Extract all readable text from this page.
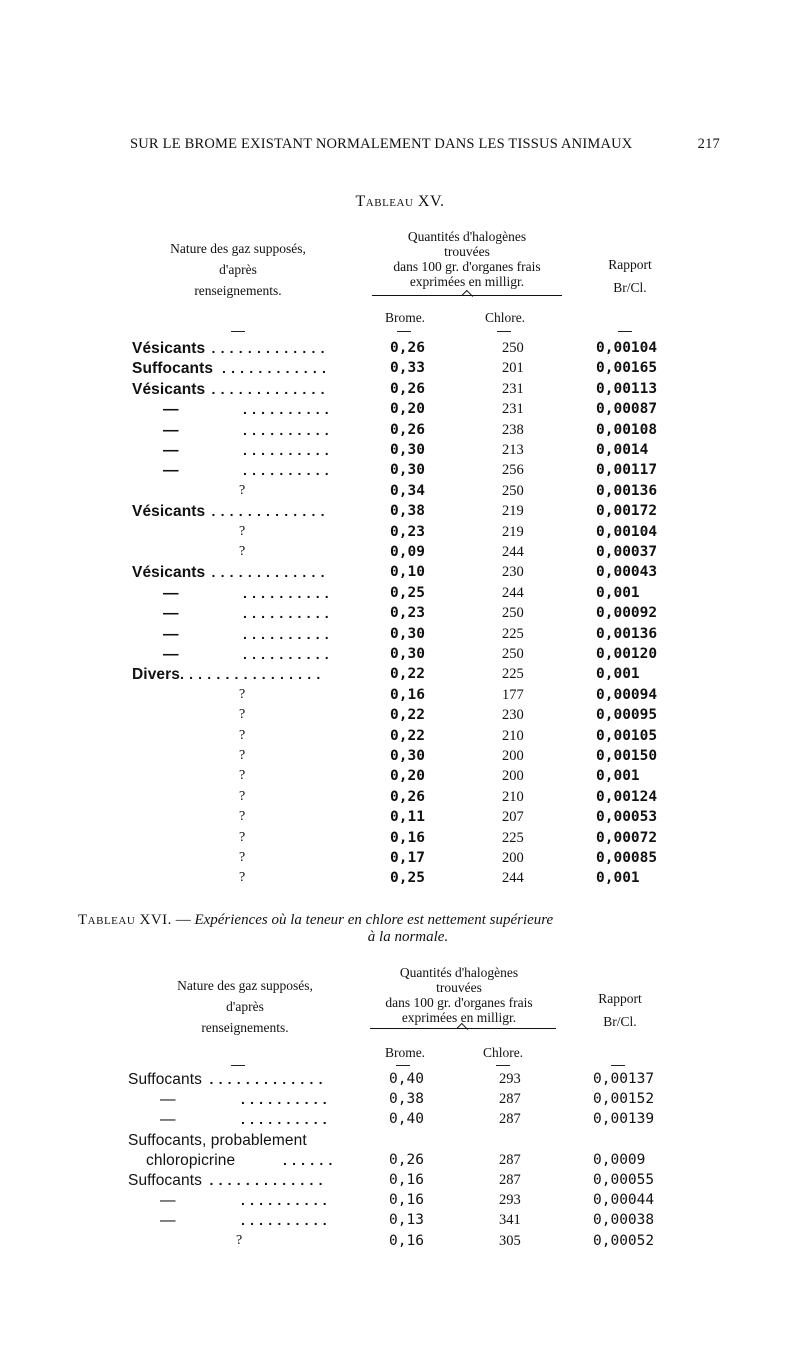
SUR LE BROME EXISTANT NORMALEMENT DANS LES TISSUS ANIMAUX	217
Tableau XV.
Nature des gaz supposés,
d'après
renseignements.
Quantités d'halogènes
trouvées
dans 100 gr. d'organes frais
exprimées en milligr.
Rapport
Br/Cl.
Brome.	Chlore.
Vésicants .............	0,26	250	0,00104
Suffocants ............	0,33	201	0,00165
Vésicants .............	0,26	231	0,00113
—	..........	0,20	231	0,00087
—	..........	0,26	238	0,00108
—	..........	0,30	213	0,0014
—	..........	0,30	256	0,00117
?	0,34	250	0,00136
Vésicants .............	0,38	219	0,00172
?	0,23	219	0,00104
?	0,09	244	0,00037
Vésicants .............	0,10	230	0,00043
—	..........	0,25	244	0,001
—	..........	0,23	250	0,00092
—	..........	0,30	225	0,00136
—	..........	0,30	250	0,00120
Divers ................	0,22	225	0,001
?	0,16	177	0,00094
?	0,22	230	0,00095
?	0,22	210	0,00105
?	0,30	200	0,00150
?	0,20	200	0,001
?	0,26	210	0,00124
?	0,11	207	0,00053
?	0,16	225	0,00072
?	0,17	200	0,00085
?	0,25	244	0,001
Tableau XVI. — Expériences où la teneur en chlore est nettement supérieure
à la normale.
Nature des gaz supposés,
d'après
renseignements.
Quantités d'halogènes
trouvées
dans 100 gr. d'organes frais
exprimées en milligr.
Rapport
Br/Cl.
Brome.	Chlore.
Suffocants .............	0,40	293	0,00137
—	..........	0,38	287	0,00152
—	..........	0,40	287	0,00139
Suffocants, probablement
chloropicrine	......	0,26	287	0,0009
Suffocants .............	0,16	287	0,00055
—	..........	0,16	293	0,00044
—	..........	0,13	341	0,00038
?	0,16	305	0,00052
